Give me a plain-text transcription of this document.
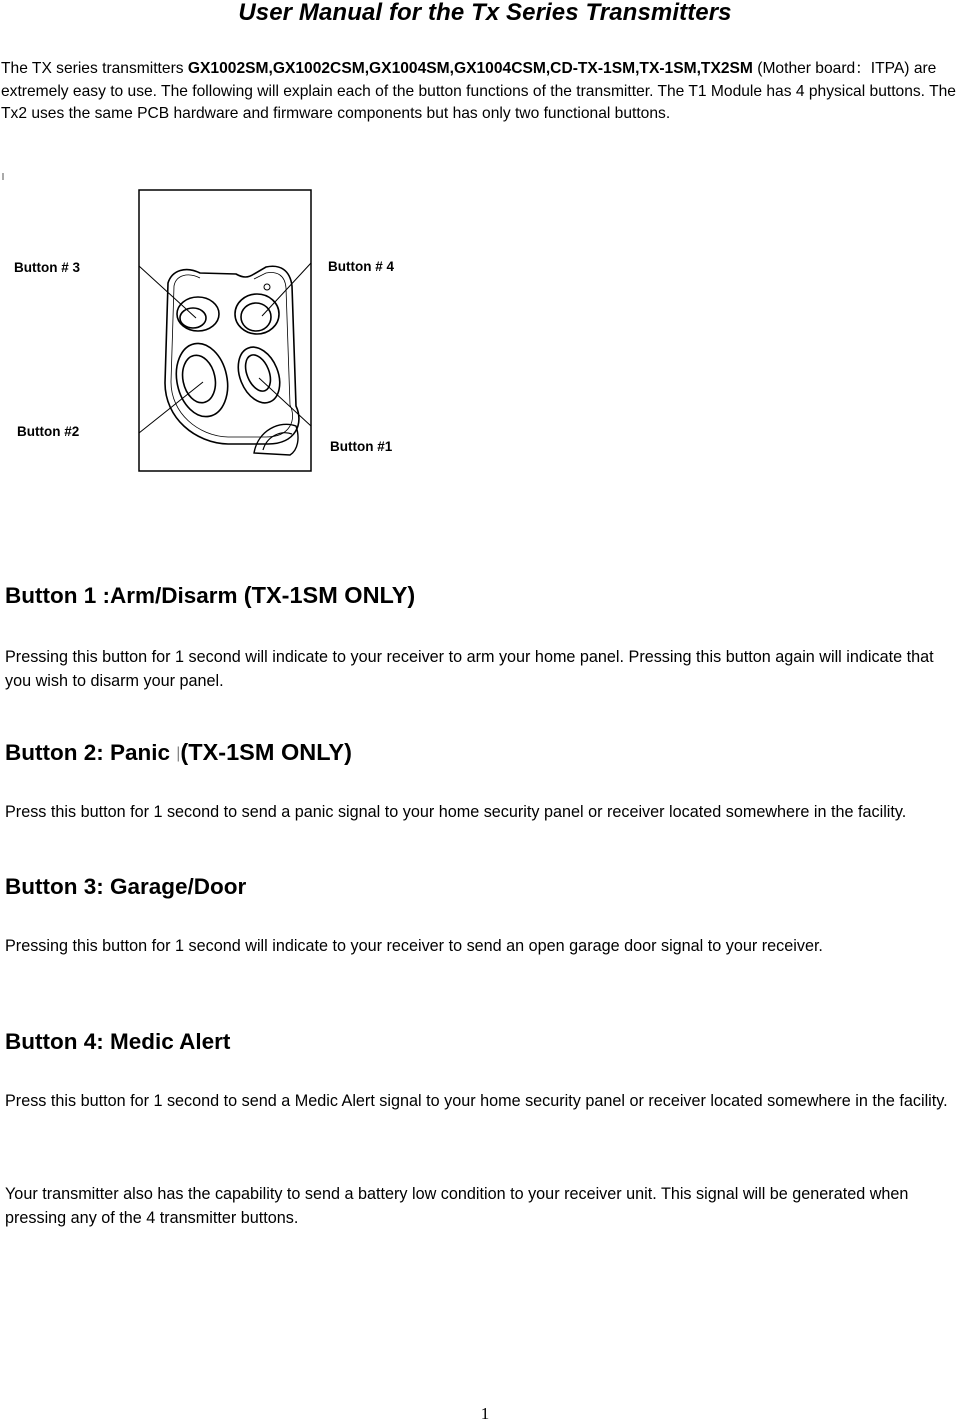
User Manual for the Tx Series Transmitters

The TX series transmitters GX1002SM,GX1002CSM,GX1004SM,GX1004CSM,CD-TX-1SM,TX-1SM,TX2SM (Mother board：ITPA) are extremely easy to use. The following will explain each of the button functions of the transmitter. The T1 Module has 4 physical buttons. The Tx2 uses the same PCB hardware and firmware components but has only two functional buttons.

Button # 3	Button # 4
Button #2
Button #1
Button 1 :Arm/Disarm (TX-1SM ONLY)

Pressing this button for 1 second will indicate to your receiver to arm your home panel. Pressing this button again will indicate that you wish to disarm your panel.

Button 2: Panic |(TX-1SM ONLY)

Press this button for 1 second to send a panic signal to your home security panel or receiver located somewhere in the facility.

Button 3: Garage/Door

Pressing this button for 1 second will indicate to your receiver to send an open garage door signal to your receiver.

Button 4: Medic Alert

Press this button for 1 second to send a Medic Alert signal to your home security panel or receiver located somewhere in the facility.

Your transmitter also has the capability to send a battery low condition to your receiver unit. This signal will be generated when pressing any of the 4 transmitter buttons.

1
